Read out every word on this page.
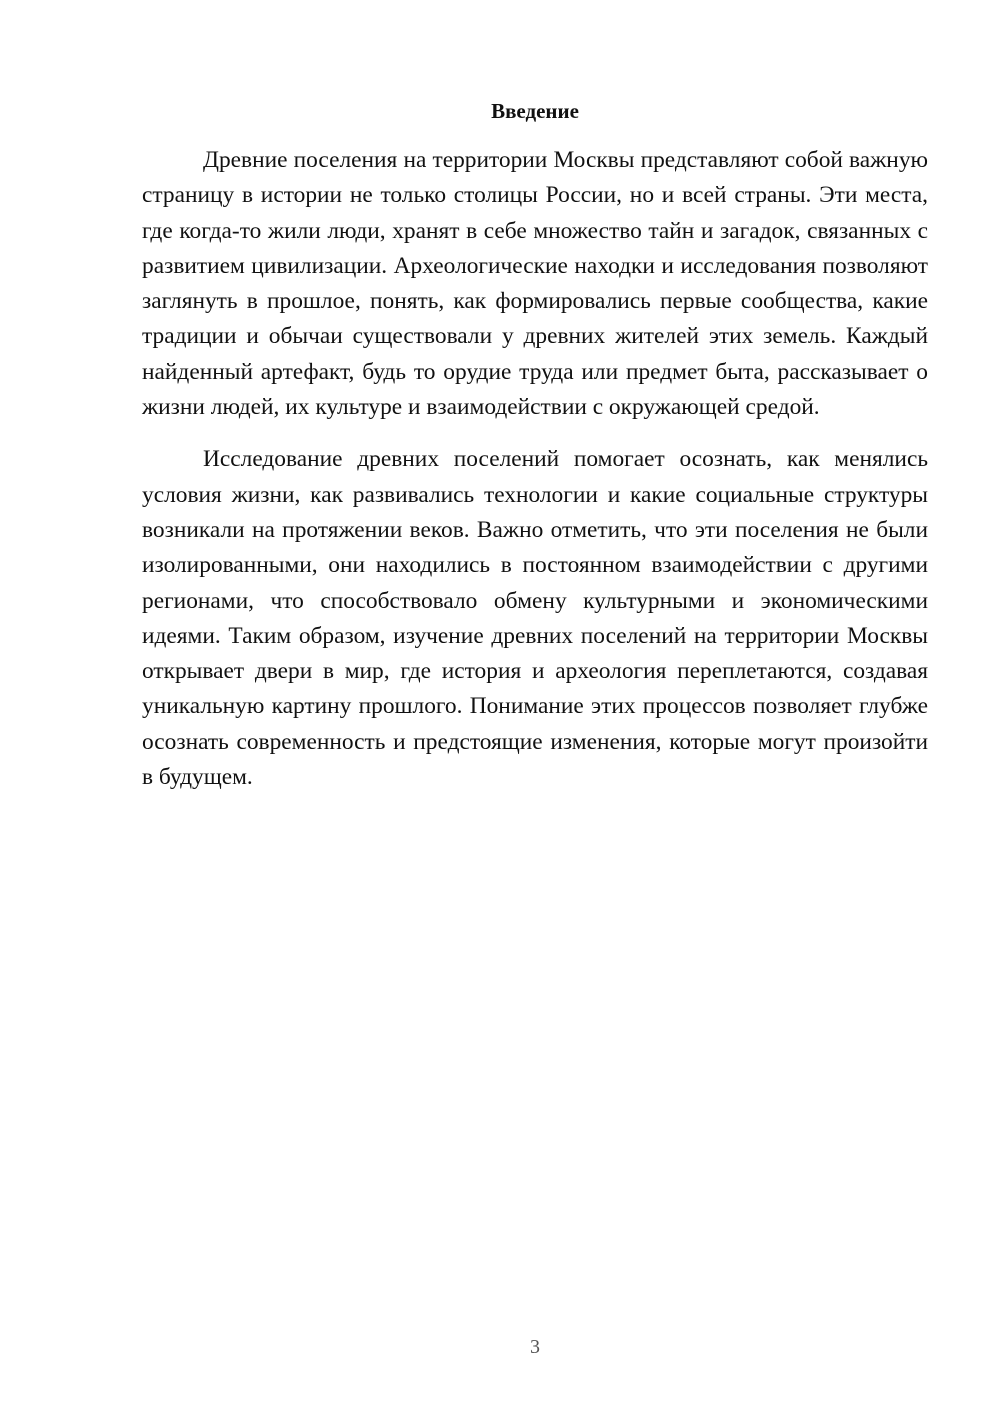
Введение

Древние поселения на территории Москвы представляют собой важную страницу в истории не только столицы России, но и всей страны. Эти места, где когда-то жили люди, хранят в себе множество тайн и загадок, связанных с развитием цивилизации. Археологические находки и исследования позволяют заглянуть в прошлое, понять, как формировались первые сообщества, какие традиции и обычаи существовали у древних жителей этих земель. Каждый найденный артефакт, будь то орудие труда или предмет быта, рассказывает о жизни людей, их культуре и взаимодействии с окружающей средой.

Исследование древних поселений помогает осознать, как менялись условия жизни, как развивались технологии и какие социальные структуры возникали на протяжении веков. Важно отметить, что эти поселения не были изолированными, они находились в постоянном взаимодействии с другими регионами, что способствовало обмену культурными и экономическими идеями. Таким образом, изучение древних поселений на территории Москвы открывает двери в мир, где история и археология переплетаются, создавая уникальную картину прошлого. Понимание этих процессов позволяет глубже осознать современность и предстоящие изменения, которые могут произойти в будущем.

3
